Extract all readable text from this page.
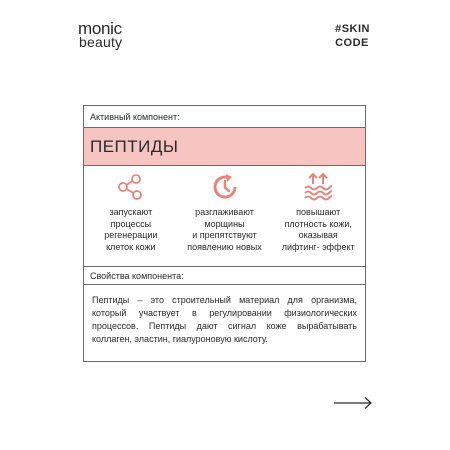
monic
beauty
#SKIN
CODE
Активный компонент:
ПЕПТИДЫ
запускают
процессы
регенерации
клеток кожи
разглаживают
морщины
и препятствуют
появлению новых
повышают
плотность кожи,
оказывая
лифтинг- эффект
Свойства компонента:
Пептиды – это строительный материал для организма, который участвует в регулировании физиологических процессов. Пептиды дают сигнал коже вырабатывать коллаген, эластин, гиалуроновую кислоту.
